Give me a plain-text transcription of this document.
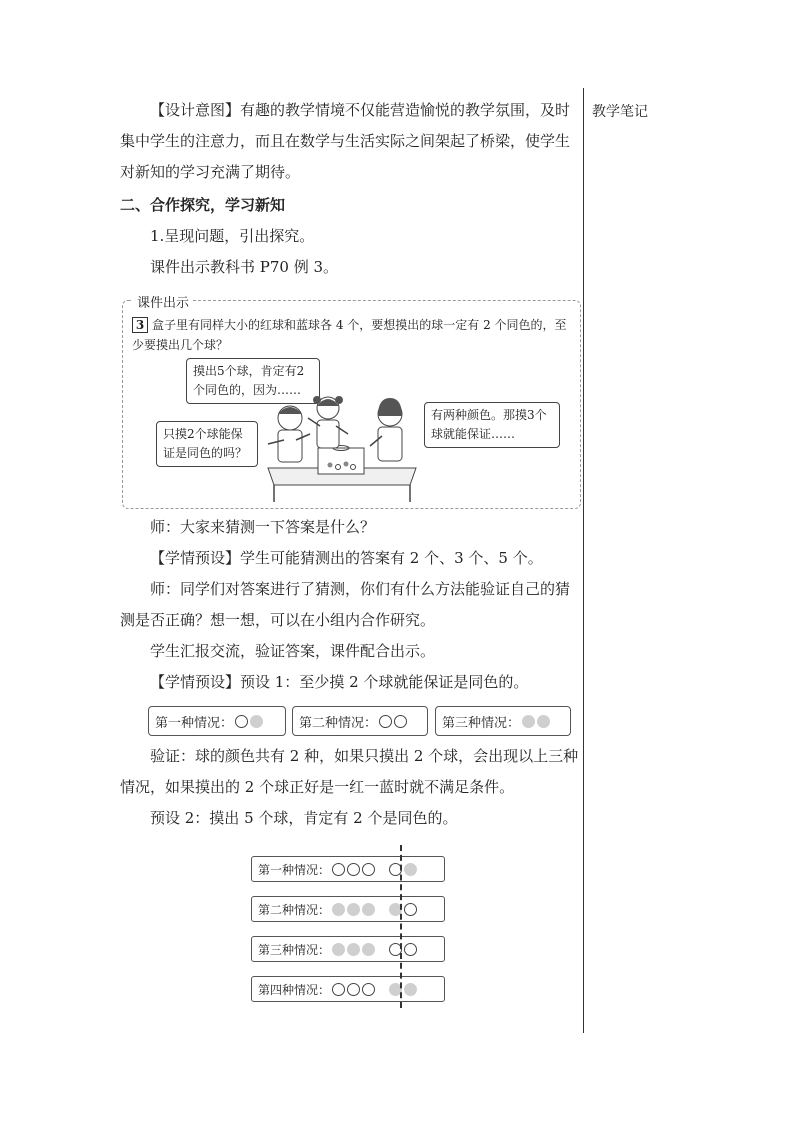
教学笔记
【设计意图】有趣的教学情境不仅能营造愉悦的教学氛围，及时集中学生的注意力，而且在数学与生活实际之间架起了桥梁，使学生对新知的学习充满了期待。
二、合作探究，学习新知
1.呈现问题，引出探究。
课件出示教科书 P70 例 3。
课件出示
3 盒子里有同样大小的红球和蓝球各 4 个，要想摸出的球一定有 2 个同色的，至少要摸出几个球？
摸出5个球，肯定有2个同色的，因为……
只摸2个球能保证是同色的吗？
有两种颜色。那摸3个球就能保证……
师：大家来猜测一下答案是什么？
【学情预设】学生可能猜测出的答案有 2 个、3 个、5 个。
师：同学们对答案进行了猜测，你们有什么方法能验证自己的猜测是否正确？想一想，可以在小组内合作研究。
学生汇报交流，验证答案，课件配合出示。
【学情预设】预设 1：至少摸 2 个球就能保证是同色的。
第一种情况：	第二种情况：	第三种情况：
验证：球的颜色共有 2 种，如果只摸出 2 个球，会出现以上三种情况，如果摸出的 2 个球正好是一红一蓝时就不满足条件。
预设 2：摸出 5 个球，肯定有 2 个是同色的。
第一种情况：
第二种情况：
第三种情况：
第四种情况：
